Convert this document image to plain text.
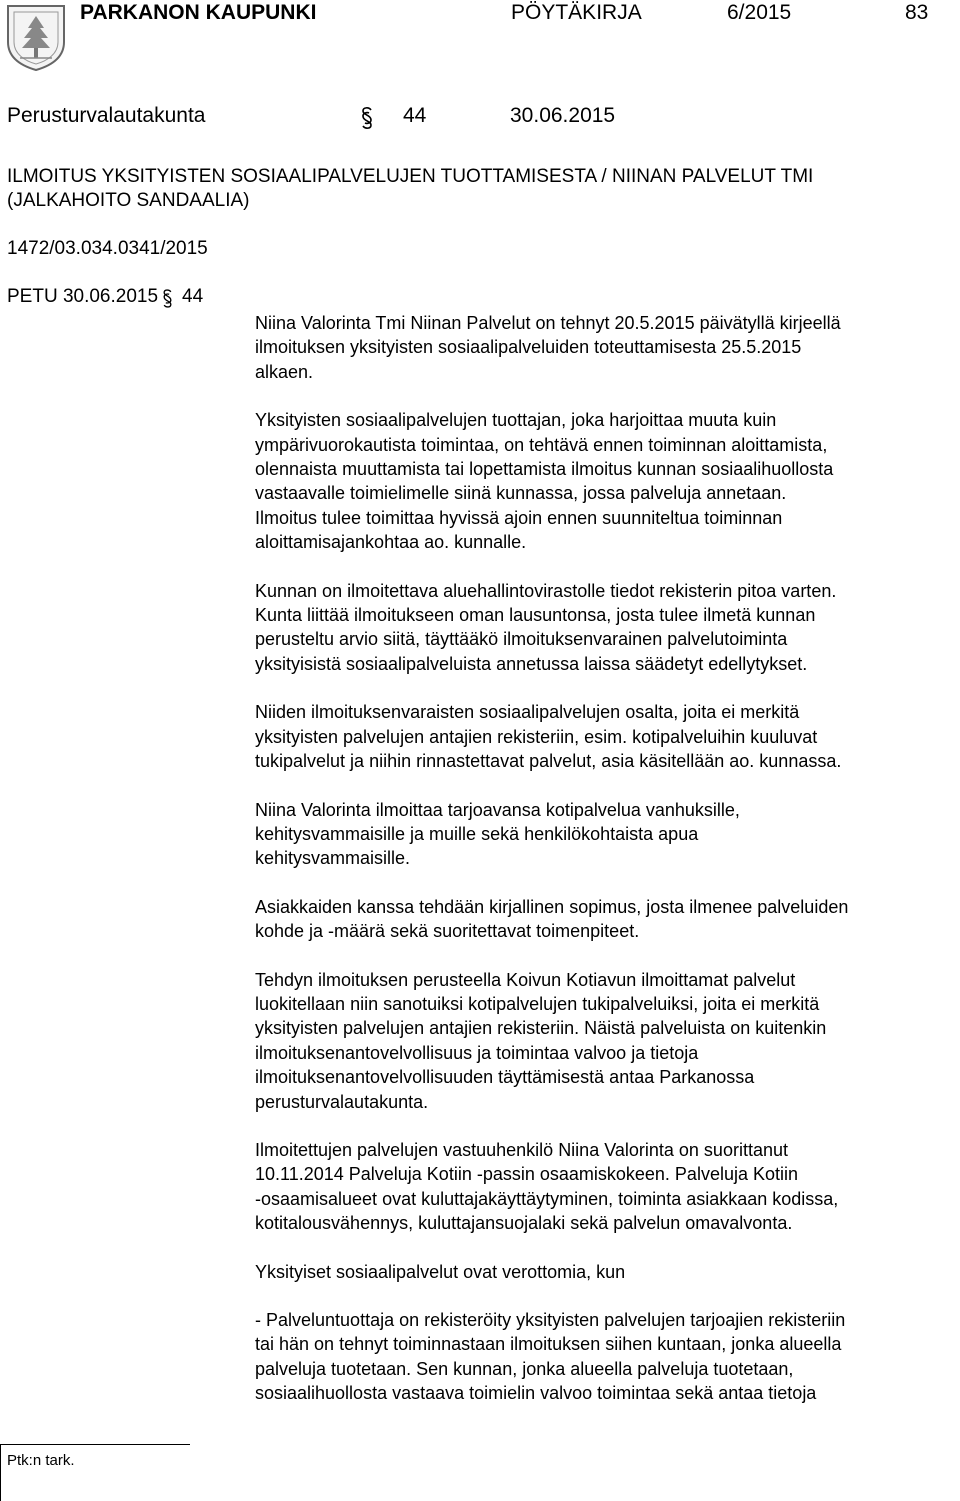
PARKANON KAUPUNKI	PÖYTÄKIRJA	6/2015	83
Perusturvalautakunta	44	30.06.2015
ILMOITUS YKSITYISTEN SOSIAALIPALVELUJEN TUOTTAMISESTA / NIINAN PALVELUT TMI
(JALKAHOITO SANDAALIA)
1472/03.034.0341/2015
PETU 30.06.2015 44

Niina Valorinta Tmi Niinan Palvelut on tehnyt 20.5.2015 päivätyllä kirjeellä
ilmoituksen yksityisten sosiaalipalveluiden toteuttamisesta 25.5.2015
alkaen.

Yksityisten sosiaalipalvelujen tuottajan, joka harjoittaa muuta kuin
ympärivuorokautista toimintaa, on tehtävä ennen toiminnan aloittamista,
olennaista muuttamista tai lopettamista ilmoitus kunnan sosiaalihuollosta
vastaavalle toimielimelle siinä kunnassa, jossa palveluja annetaan.
Ilmoitus tulee toimittaa hyvissä ajoin ennen suunniteltua toiminnan
aloittamisajankohtaa ao. kunnalle.

Kunnan on ilmoitettava aluehallintovirastolle tiedot rekisterin pitoa varten.
Kunta liittää ilmoitukseen oman lausuntonsa, josta tulee ilmetä kunnan
perusteltu arvio siitä, täyttääkö ilmoituksenvarainen palvelutoiminta
yksityisistä sosiaalipalveluista annetussa laissa säädetyt edellytykset.

Niiden ilmoituksenvaraisten sosiaalipalvelujen osalta, joita ei merkitä
yksityisten palvelujen antajien rekisteriin, esim. kotipalveluihin kuuluvat
tukipalvelut ja niihin rinnastettavat palvelut, asia käsitellään ao. kunnassa.

Niina Valorinta ilmoittaa tarjoavansa kotipalvelua vanhuksille,
kehitysvammaisille ja muille sekä henkilökohtaista apua
kehitysvammaisille.

Asiakkaiden kanssa tehdään kirjallinen sopimus, josta ilmenee palveluiden
kohde ja -määrä sekä suoritettavat toimenpiteet.

Tehdyn ilmoituksen perusteella Koivun Kotiavun ilmoittamat palvelut
luokitellaan niin sanotuiksi kotipalvelujen tukipalveluiksi, joita ei merkitä
yksityisten palvelujen antajien rekisteriin. Näistä palveluista on kuitenkin
ilmoituksenantovelvollisuus ja toimintaa valvoo ja tietoja
ilmoituksenantovelvollisuuden täyttämisestä antaa Parkanossa
perusturvalautakunta.

Ilmoitettujen palvelujen vastuuhenkilö Niina Valorinta on suorittanut
10.11.2014 Palveluja Kotiin -passin osaamiskokeen. Palveluja Kotiin
-osaamisalueet ovat kuluttajakäyttäytyminen, toiminta asiakkaan kodissa,
kotitalousvähennys, kuluttajansuojalaki sekä palvelun omavalvonta.

Yksityiset sosiaalipalvelut ovat verottomia, kun

- Palveluntuottaja on rekisteröity yksityisten palvelujen tarjoajien rekisteriin
tai hän on tehnyt toiminnastaan ilmoituksen siihen kuntaan, jonka alueella
palveluja tuotetaan. Sen kunnan, jonka alueella palveluja tuotetaan,
sosiaalihuollosta vastaava toimielin valvoo toimintaa sekä antaa tietoja

Ptk:n tark.
